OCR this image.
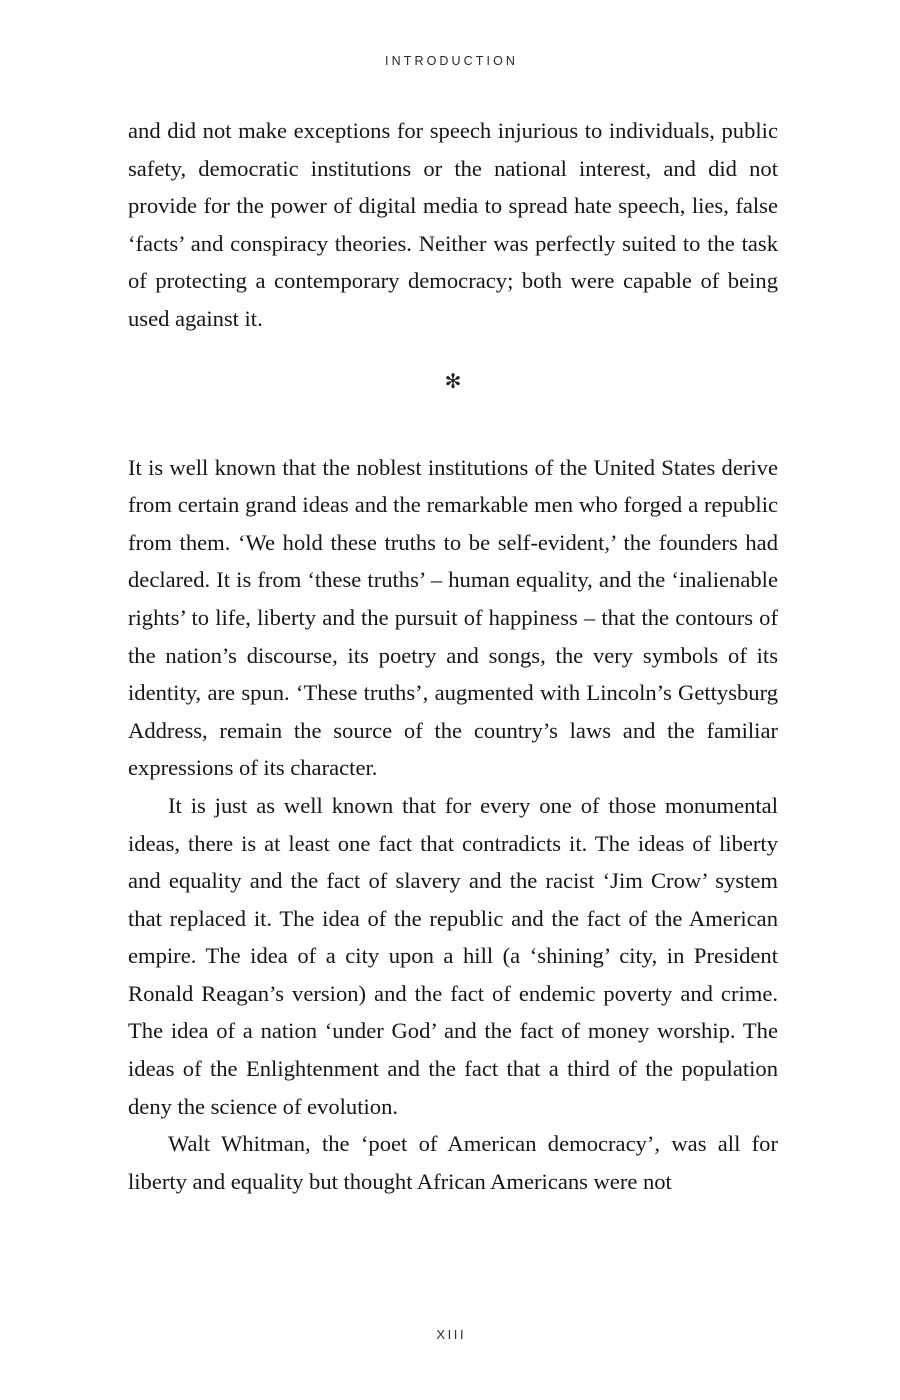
INTRODUCTION

and did not make exceptions for speech injurious to individuals, public safety, democratic institutions or the national interest, and did not provide for the power of digital media to spread hate speech, lies, false ‘facts’ and conspiracy theories. Neither was perfectly suited to the task of protecting a contemporary democracy; both were capable of being used against it.

✻

It is well known that the noblest institutions of the United States derive from certain grand ideas and the remarkable men who forged a republic from them. ‘We hold these truths to be self-evident,’ the founders had declared. It is from ‘these truths’ – human equality, and the ‘inalienable rights’ to life, liberty and the pursuit of happiness – that the contours of the nation’s discourse, its poetry and songs, the very symbols of its identity, are spun. ‘These truths’, augmented with Lincoln’s Gettysburg Address, remain the source of the country’s laws and the familiar expressions of its character.

It is just as well known that for every one of those monumental ideas, there is at least one fact that contradicts it. The ideas of liberty and equality and the fact of slavery and the racist ‘Jim Crow’ system that replaced it. The idea of the republic and the fact of the American empire. The idea of a city upon a hill (a ‘shining’ city, in President Ronald Reagan’s version) and the fact of endemic poverty and crime. The idea of a nation ‘under God’ and the fact of money worship. The ideas of the Enlightenment and the fact that a third of the population deny the science of evolution.

Walt Whitman, the ‘poet of American democracy’, was all for liberty and equality but thought African Americans were not

XIII
